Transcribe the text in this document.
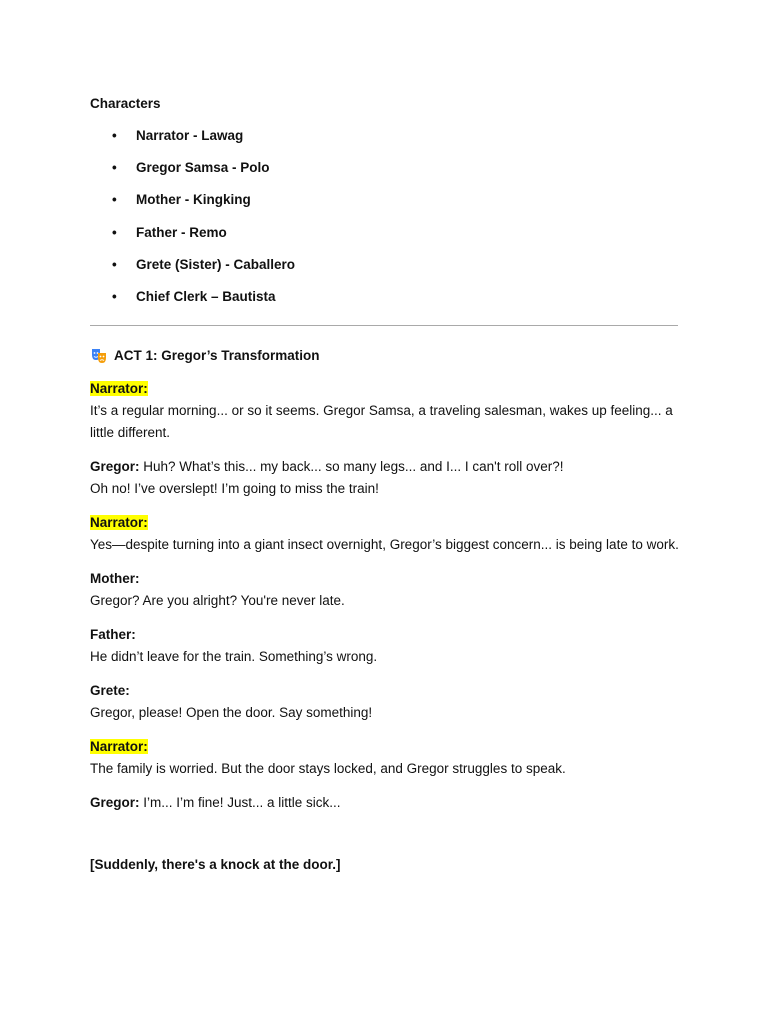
Characters
• Narrator - Lawag
• Gregor Samsa - Polo
• Mother - Kingking
• Father - Remo
• Grete (Sister) - Caballero
• Chief Clerk – Bautista
ACT 1: Gregor’s Transformation
Narrator:
It’s a regular morning... or so it seems. Gregor Samsa, a traveling salesman, wakes up feeling... a little different.
Gregor: Huh? What’s this... my back... so many legs... and I... I can't roll over?!
Oh no! I’ve overslept! I’m going to miss the train!
Narrator:
Yes—despite turning into a giant insect overnight, Gregor’s biggest concern... is being late to work.
Mother:
Gregor? Are you alright? You're never late.
Father:
He didn’t leave for the train. Something’s wrong.
Grete:
Gregor, please! Open the door. Say something!
Narrator:
The family is worried. But the door stays locked, and Gregor struggles to speak.
Gregor: I’m... I’m fine! Just... a little sick...
[Suddenly, there's a knock at the door.]
